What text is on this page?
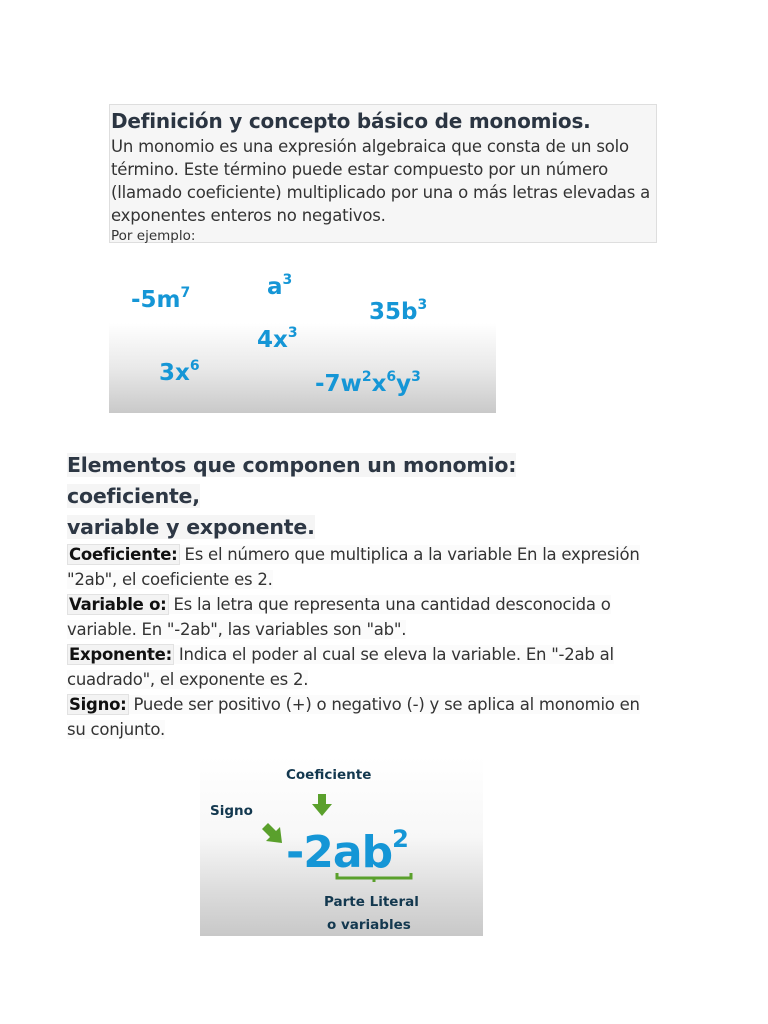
Definición y concepto básico de monomios.

Un monomio es una expresión algebraica que consta de un solo

término. Este término puede estar compuesto por un número

(llamado coeficiente) multiplicado por una o más letras elevadas a

exponentes enteros no negativos.

Por ejemplo:

$-5m^7$	$a^3$
$35b^3$
$4x^3$
$3x^6$
$-7w^2x^6y^3$
Elementos que componen un monomio: coeficiente,
variable y exponente.

Coeficiente: Es el número que multiplica a la variable En la expresión "2ab", el coeficiente es 2.

Variable o: Es la letra que representa una cantidad desconocida o variable. En "-2ab", las variables son "ab".

Exponente: Indica el poder al cual se eleva la variable. En "-2ab al cuadrado", el exponente es 2.

Signo: Puede ser positivo (+) o negativo (-) y se aplica al monomio en su conjunto.

Coeficiente
Signo
$-2ab^2$
Parte Literal
o variables
